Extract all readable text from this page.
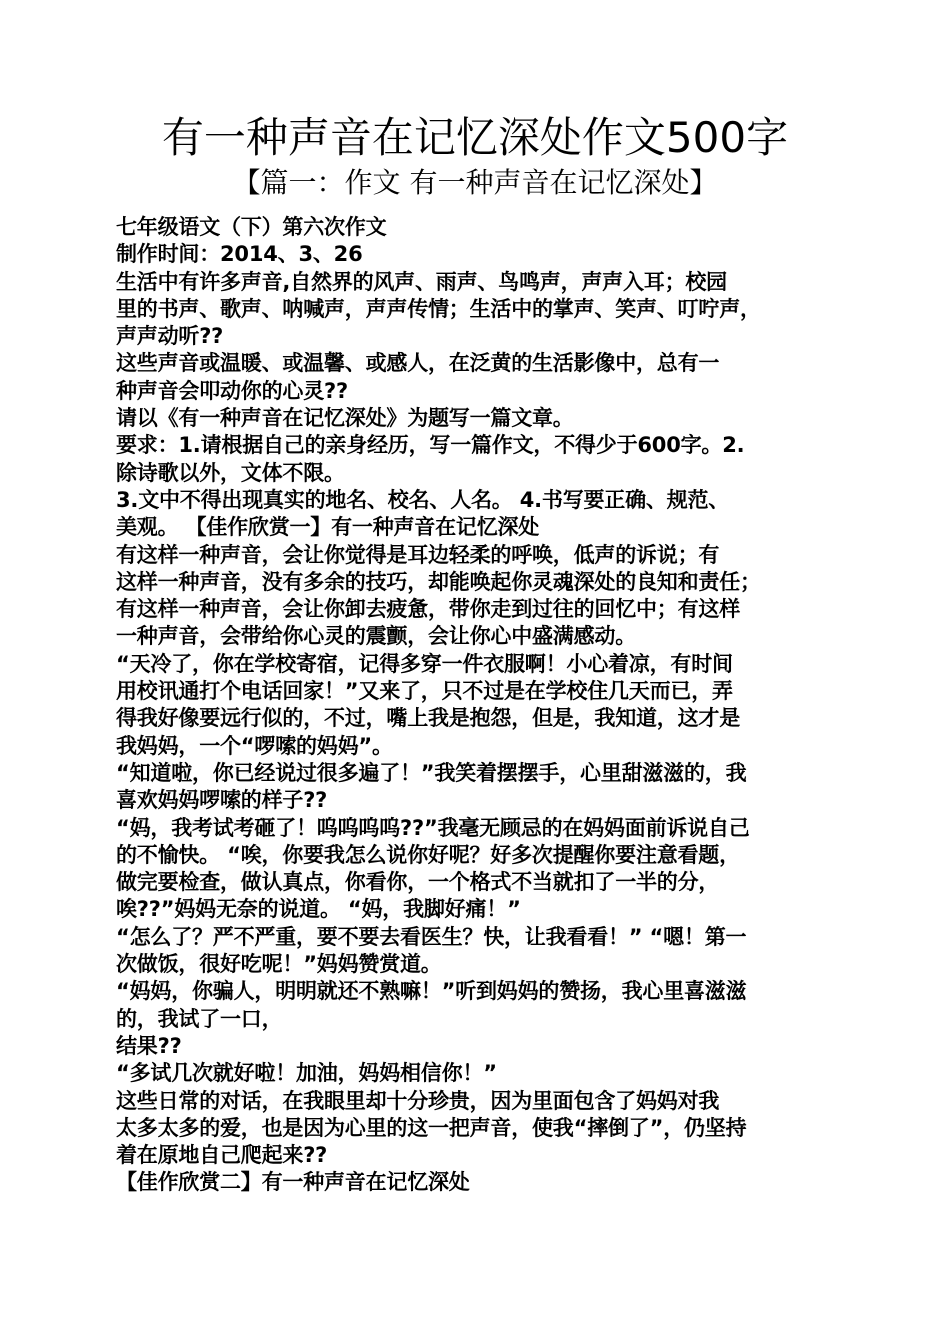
有一种声音在记忆深处作文500字
【篇一：作文 有一种声音在记忆深处】
七年级语文（下）第六次作文
制作时间：2014、3、26
生活中有许多声音,自然界的风声、雨声、鸟鸣声，声声入耳；校园
里的书声、歌声、呐喊声，声声传情；生活中的掌声、笑声、叮咛声，
声声动听??
这些声音或温暖、或温馨、或感人，在泛黄的生活影像中，总有一
种声音会叩动你的心灵??
请以《有一种声音在记忆深处》为题写一篇文章。
要求：1.请根据自己的亲身经历，写一篇作文，不得少于600字。2.
除诗歌以外，文体不限。
3.文中不得出现真实的地名、校名、人名。 4.书写要正确、规范、
美观。 【佳作欣赏一】有一种声音在记忆深处
有这样一种声音，会让你觉得是耳边轻柔的呼唤，低声的诉说；有
这样一种声音，没有多余的技巧，却能唤起你灵魂深处的良知和责任；
有这样一种声音，会让你卸去疲惫，带你走到过往的回忆中；有这样
一种声音，会带给你心灵的震颤，会让你心中盛满感动。
“天冷了，你在学校寄宿，记得多穿一件衣服啊！小心着凉，有时间
用校讯通打个电话回家！”又来了，只不过是在学校住几天而已，弄
得我好像要远行似的，不过，嘴上我是抱怨，但是，我知道，这才是
我妈妈，一个“啰嗦的妈妈”。
“知道啦，你已经说过很多遍了！”我笑着摆摆手，心里甜滋滋的，我
喜欢妈妈啰嗦的样子??
“妈，我考试考砸了！呜呜呜呜??”我毫无顾忌的在妈妈面前诉说自己
的不愉快。 “唉，你要我怎么说你好呢？好多次提醒你要注意看题，
做完要检查，做认真点，你看你，一个格式不当就扣了一半的分，
唉??”妈妈无奈的说道。 “妈，我脚好痛！”
“怎么了？严不严重，要不要去看医生？快，让我看看！” “嗯！第一
次做饭，很好吃呢！”妈妈赞赏道。
“妈妈，你骗人，明明就还不熟嘛！”听到妈妈的赞扬，我心里喜滋滋
的，我试了一口，
结果??
“多试几次就好啦！加油，妈妈相信你！”
这些日常的对话，在我眼里却十分珍贵，因为里面包含了妈妈对我
太多太多的爱，也是因为心里的这一把声音，使我“摔倒了”，仍坚持
着在原地自己爬起来??
【佳作欣赏二】有一种声音在记忆深处
